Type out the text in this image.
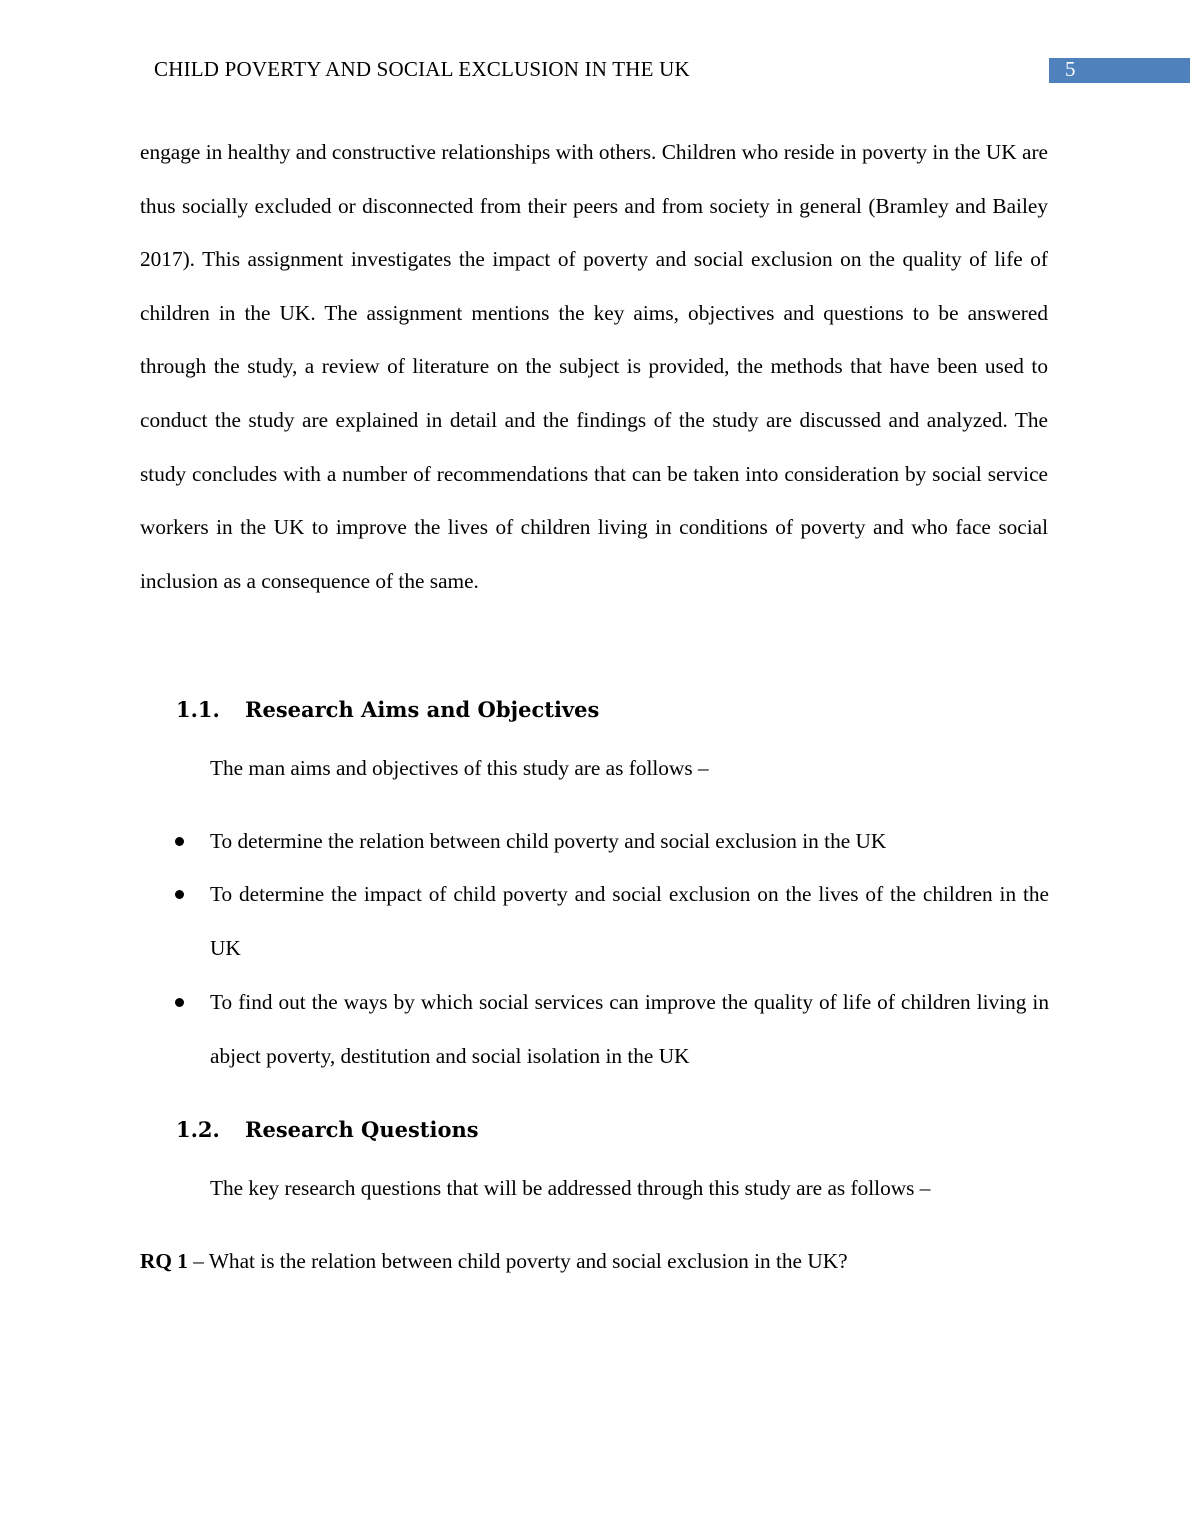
CHILD POVERTY AND SOCIAL EXCLUSION IN THE UK	5

engage in healthy and constructive relationships with others. Children who reside in poverty in the UK are thus socially excluded or disconnected from their peers and from society in general (Bramley and Bailey 2017). This assignment investigates the impact of poverty and social exclusion on the quality of life of children in the UK. The assignment mentions the key aims, objectives and questions to be answered through the study, a review of literature on the subject is provided, the methods that have been used to conduct the study are explained in detail and the findings of the study are discussed and analyzed. The study concludes with a number of recommendations that can be taken into consideration by social service workers in the UK to improve the lives of children living in conditions of poverty and who face social inclusion as a consequence of the same.

1.1. Research Aims and Objectives
The man aims and objectives of this study are as follows –
To determine the relation between child poverty and social exclusion in the UK
To determine the impact of child poverty and social exclusion on the lives of the children in the UK
To find out the ways by which social services can improve the quality of life of children living in abject poverty, destitution and social isolation in the UK
1.2. Research Questions
The key research questions that will be addressed through this study are as follows –
RQ 1 – What is the relation between child poverty and social exclusion in the UK?
